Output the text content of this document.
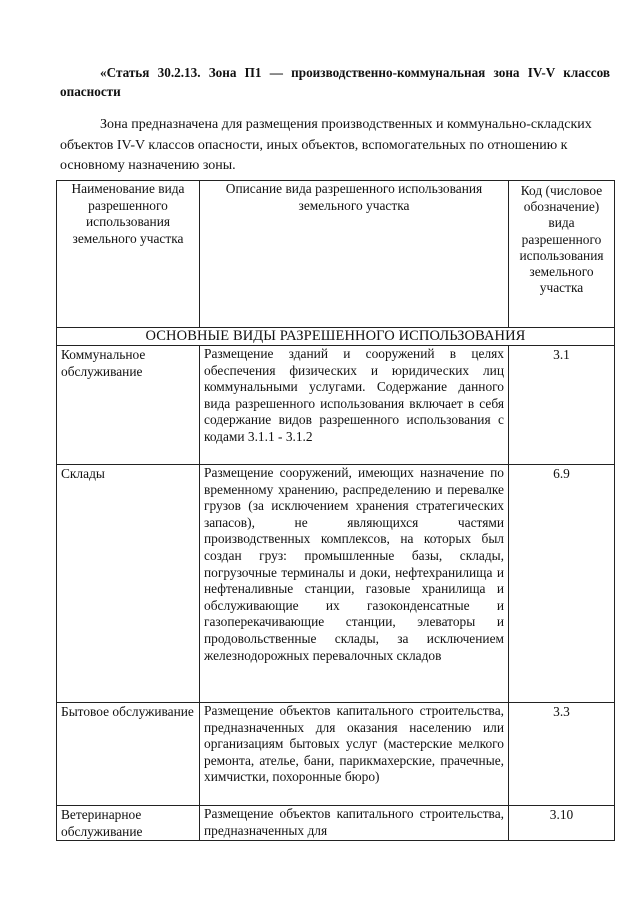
«Статья 30.2.13. Зона П1 — производственно-коммунальная зона IV-V классов опасности
Зона предназначена для размещения производственных и коммунально-складских объектов IV-V классов опасности, иных объектов, вспомогательных по отношению к основному назначению зоны.
Наименование вида разрешенного использования земельного участка	Описание вида разрешенного использования земельного участка	Код (числовое обозначение) вида разрешенного использования земельного участка
ОСНОВНЫЕ ВИДЫ РАЗРЕШЕННОГО ИСПОЛЬЗОВАНИЯ		
Коммунальное обслуживание	Размещение зданий и сооружений в целях обеспечения физических и юридических лиц коммунальными услугами. Содержание данного вида разрешенного использования включает в себя содержание видов разрешенного использования с кодами 3.1.1 - 3.1.2	3.1
Склады	Размещение сооружений, имеющих назначение по временному хранению, распределению и перевалке грузов (за исключением хранения стратегических запасов), не являющихся частями производственных комплексов, на которых был создан груз: промышленные базы, склады, погрузочные терминалы и доки, нефтехранилища и нефтеналивные станции, газовые хранилища и обслуживающие их газоконденсатные и газоперекачивающие станции, элеваторы и продовольственные склады, за исключением железнодорожных перевалочных складов	6.9
Бытовое обслуживание	Размещение объектов капитального строительства, предназначенных для оказания населению или организациям бытовых услуг (мастерские мелкого ремонта, ателье, бани, парикмахерские, прачечные, химчистки, похоронные бюро)	3.3
Ветеринарное обслуживание	Размещение объектов капитального строительства, предназначенных для	3.10
